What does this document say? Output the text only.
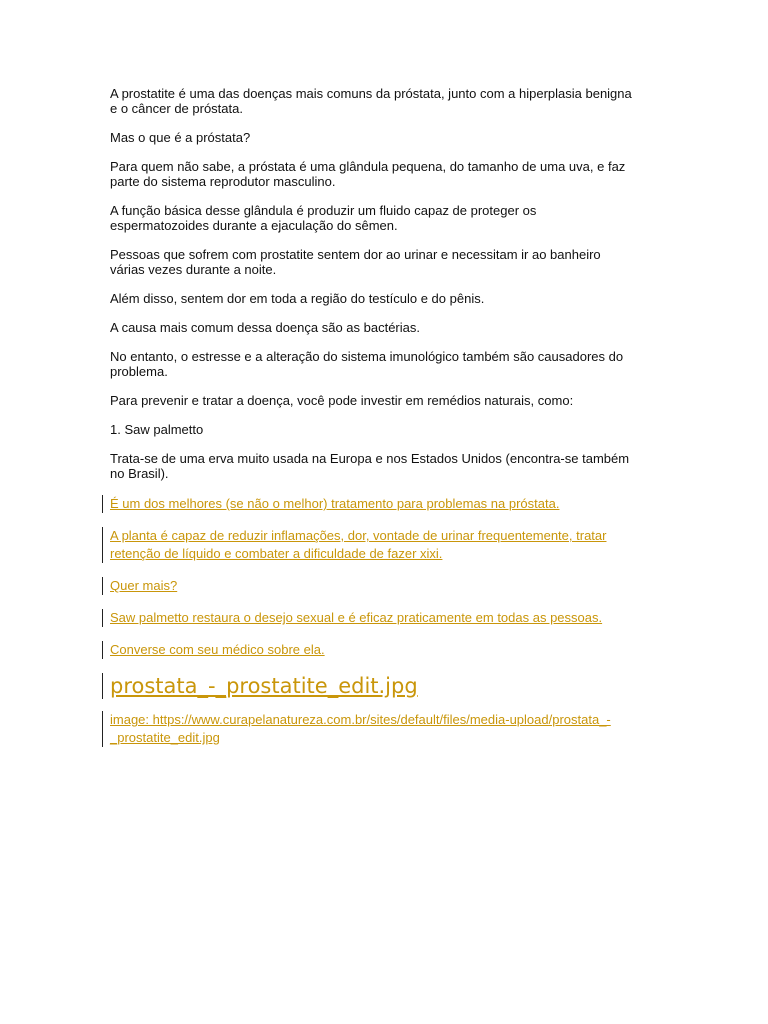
A prostatite é uma das doenças mais comuns da próstata, junto com a hiperplasia benigna
e o câncer de próstata.

Mas o que é a próstata?

Para quem não sabe, a próstata é uma glândula pequena, do tamanho de uma uva, e faz
parte do sistema reprodutor masculino.

A função básica desse glândula é produzir um fluido capaz de proteger os
espermatozoides durante a ejaculação do sêmen.

Pessoas que sofrem com prostatite sentem dor ao urinar e necessitam ir ao banheiro
várias vezes durante a noite.

Além disso, sentem dor em toda a região do testículo e do pênis.

A causa mais comum dessa doença são as bactérias.

No entanto, o estresse e a alteração do sistema imunológico também são causadores do
problema.

Para prevenir e tratar a doença, você pode investir em remédios naturais, como:

1. Saw palmetto

Trata-se de uma erva muito usada na Europa e nos Estados Unidos (encontra-se também
no Brasil).

É um dos melhores (se não o melhor) tratamento para problemas na próstata.
A planta é capaz de reduzir inflamações, dor, vontade de urinar frequentemente, tratar
retenção de líquido e combater a dificuldade de fazer xixi.
Quer mais?
Saw palmetto restaura o desejo sexual e é eficaz praticamente em todas as pessoas.
Converse com seu médico sobre ela.
prostata_-_prostatite_edit.jpg
image: https://www.curapelanatureza.com.br/sites/default/files/media-upload/prostata_-
_prostatite_edit.jpg
